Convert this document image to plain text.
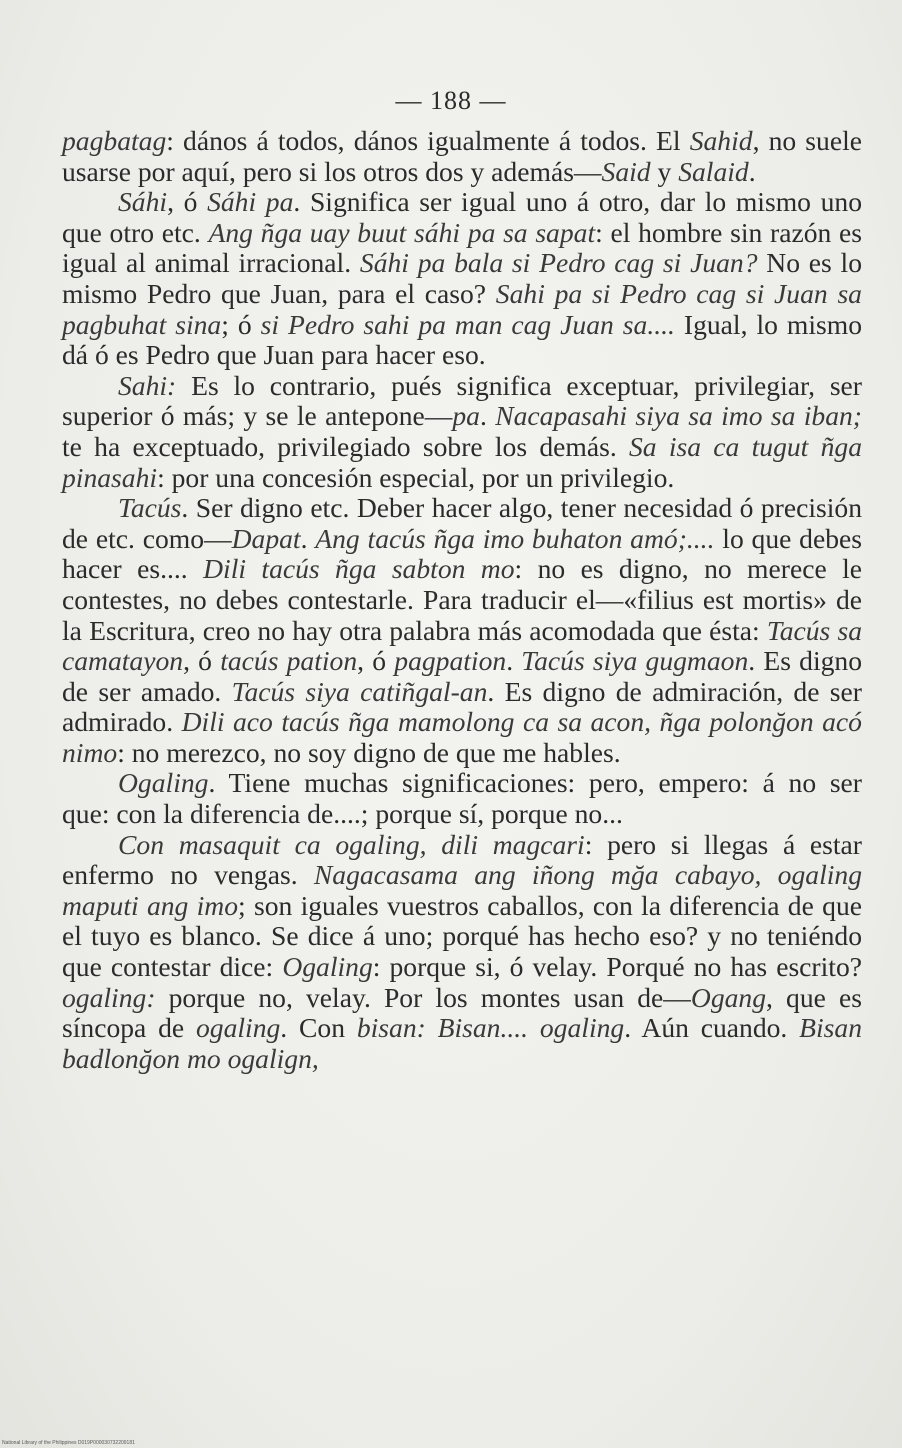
— 188 —

pagbatag: dános á todos, dános igualmente á todos. El Sahid, no suele usarse por aquí, pero si los otros dos y además—Said y Salaid.

Sáhi, ó Sáhi pa. Significa ser igual uno á otro, dar lo mismo uno que otro etc. Ang ñga uay buut sáhi pa sa sapat: el hombre sin razón es igual al animal irracional. Sáhi pa bala si Pedro cag si Juan? No es lo mismo Pedro que Juan, para el caso? Sahi pa si Pedro cag si Juan sa pagbuhat sina; ó si Pedro sahi pa man cag Juan sa.... Igual, lo mismo dá ó es Pedro que Juan para hacer eso.

Sahi: Es lo contrario, pués significa exceptuar, privilegiar, ser superior ó más; y se le antepone—pa. Nacapasahi siya sa imo sa iban; te ha exceptuado, privilegiado sobre los demás. Sa isa ca tugut ñga pinasahi: por una concesión especial, por un privilegio.

Tacús. Ser digno etc. Deber hacer algo, tener necesidad ó precisión de etc. como—Dapat. Ang tacús ñga imo buhaton amó;.... lo que debes hacer es.... Dili tacús ñga sabton mo: no es digno, no merece le contestes, no debes contestarle. Para traducir el—«filius est mortis» de la Escritura, creo no hay otra palabra más acomodada que ésta: Tacús sa camatayon, ó tacús pation, ó pagpation. Tacús siya gugmaon. Es digno de ser amado. Tacús siya catiñgal-an. Es digno de admiración, de ser admirado. Dili aco tacús ñga mamolong ca sa acon, ñga polonğon acó nimo: no merezco, no soy digno de que me hables.

Ogaling. Tiene muchas significaciones: pero, empero: á no ser que: con la diferencia de....; porque sí, porque no...

Con masaquit ca ogaling, dili magcari: pero si llegas á estar enfermo no vengas. Nagacasama ang iñong mğa cabayo, ogaling maputi ang imo; son iguales vuestros caballos, con la diferencia de que el tuyo es blanco. Se dice á uno; porqué has hecho eso? y no teniéndo que contestar dice: Ogaling: porque si, ó velay. Porqué no has escrito? ogaling: porque no, velay. Por los montes usan de—Ogang, que es síncopa de ogaling. Con bisan: Bisan.... ogaling. Aún cuando. Bisan badlonğon mo ogalign,

National Library of the Philippines D019P000030732209181
